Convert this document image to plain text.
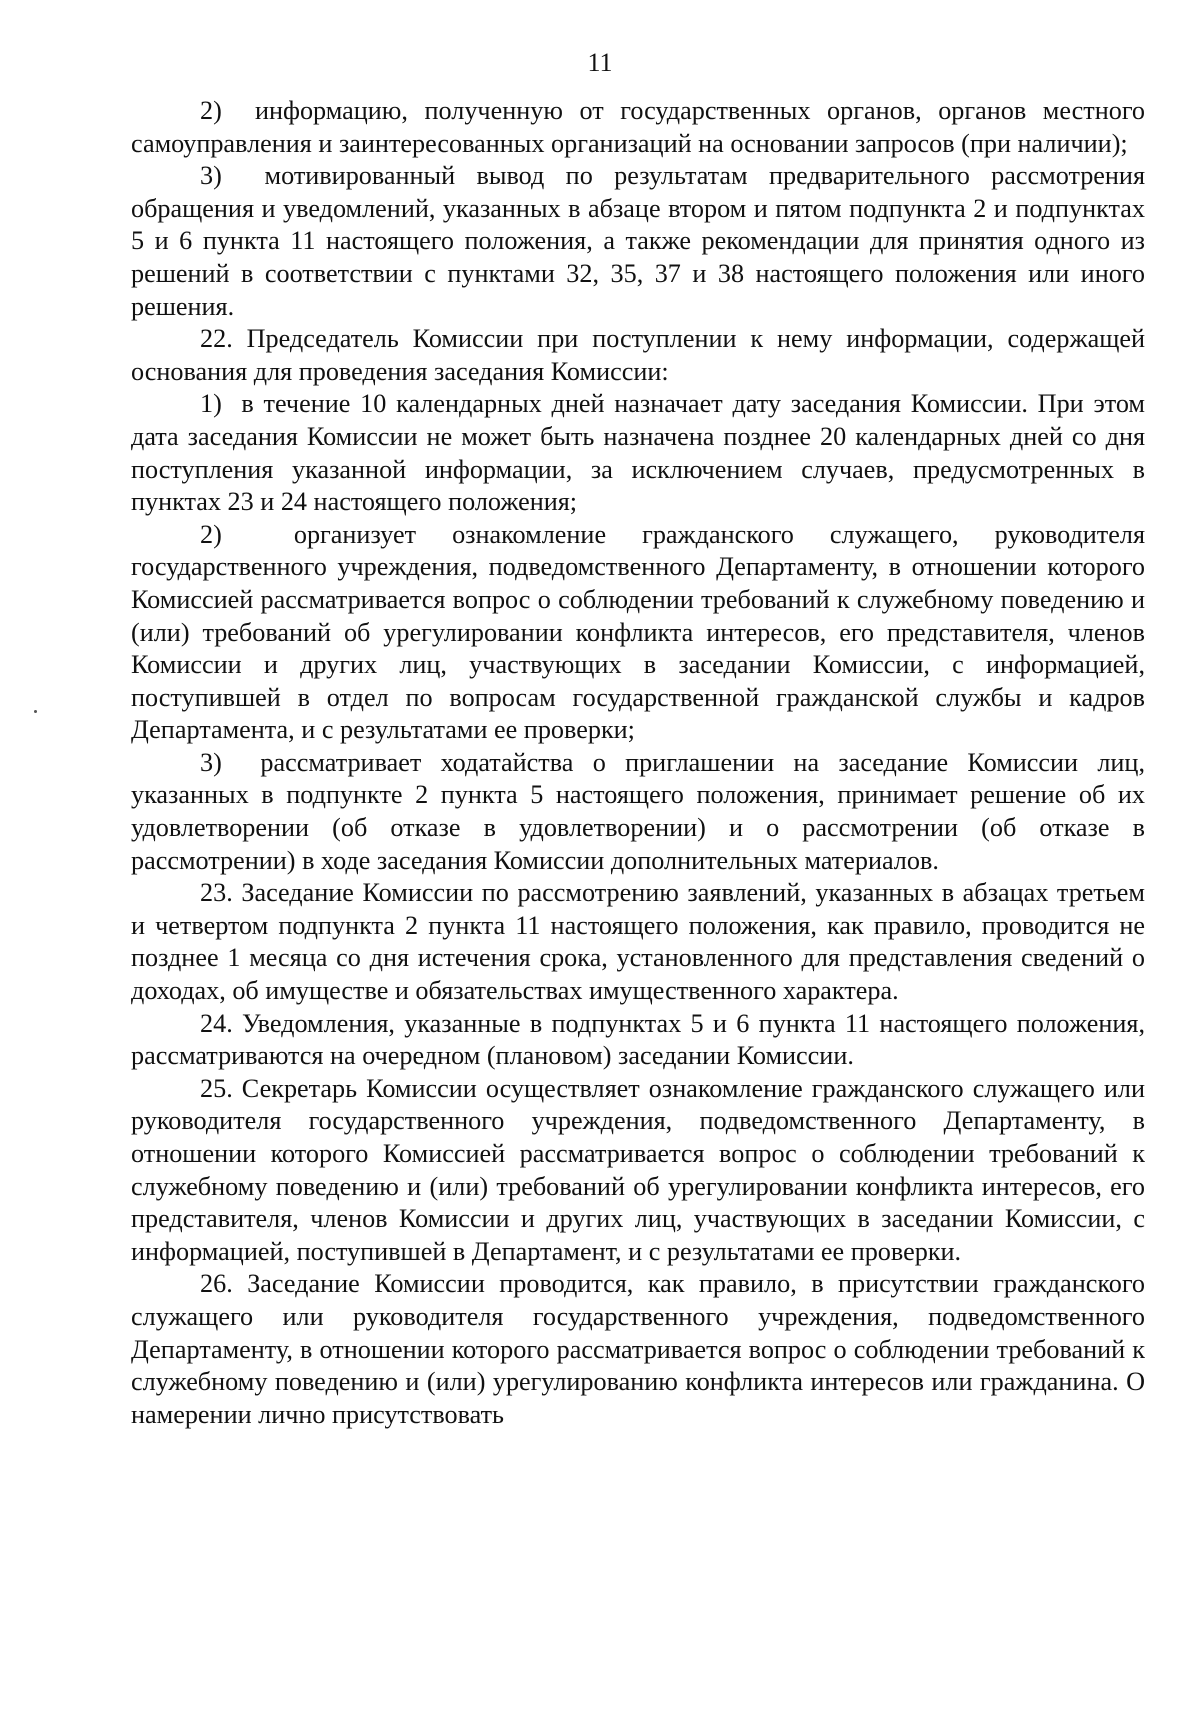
11

2)  информацию, полученную от государственных органов, органов местного самоуправления и заинтересованных организаций на основании запросов (при наличии);

3)  мотивированный вывод по результатам предварительного рассмотрения обращения и уведомлений, указанных в абзаце втором и пятом подпункта 2 и подпунктах 5 и 6 пункта 11 настоящего положения, а также рекомендации для принятия одного из решений в соответствии с пунктами 32, 35, 37 и 38 настоящего положения или иного решения.

22. Председатель Комиссии при поступлении к нему информации, содержащей основания для проведения заседания Комиссии:

1)  в течение 10 календарных дней назначает дату заседания Комиссии. При этом дата заседания Комиссии не может быть назначена позднее 20 календарных дней со дня поступления указанной информации, за исключением случаев, предусмотренных в пунктах 23 и 24 настоящего положения;

2)  организует ознакомление гражданского служащего, руководителя государственного учреждения, подведомственного Департаменту, в отношении которого Комиссией рассматривается вопрос о соблюдении требований к служебному поведению и (или) требований об урегулировании конфликта интересов, его представителя, членов Комиссии и других лиц, участвующих в заседании Комиссии, с информацией, поступившей в отдел по вопросам государственной гражданской службы и кадров Департамента, и с результатами ее проверки;

3)  рассматривает ходатайства о приглашении на заседание Комиссии лиц, указанных в подпункте 2 пункта 5 настоящего положения, принимает решение об их удовлетворении (об отказе в удовлетворении) и о рассмотрении (об отказе в рассмотрении) в ходе заседания Комиссии дополнительных материалов.

23. Заседание Комиссии по рассмотрению заявлений, указанных в абзацах третьем и четвертом подпункта 2 пункта 11 настоящего положения, как правило, проводится не позднее 1 месяца со дня истечения срока, установленного для представления сведений о доходах, об имуществе и обязательствах имущественного характера.

24. Уведомления, указанные в подпунктах 5 и 6 пункта 11 настоящего положения, рассматриваются на очередном (плановом) заседании Комиссии.

25. Секретарь Комиссии осуществляет ознакомление гражданского служащего или руководителя государственного учреждения, подведомственного Департаменту, в отношении которого Комиссией рассматривается вопрос о соблюдении требований к служебному поведению и (или) требований об урегулировании конфликта интересов, его представителя, членов Комиссии и других лиц, участвующих в заседании Комиссии, с информацией, поступившей в Департамент, и с результатами ее проверки.

26. Заседание Комиссии проводится, как правило, в присутствии гражданского служащего или руководителя государственного учреждения, подведомственного Департаменту, в отношении которого рассматривается вопрос о соблюдении требований к служебному поведению и (или) урегулированию конфликта интересов или гражданина. О намерении лично присутствовать
